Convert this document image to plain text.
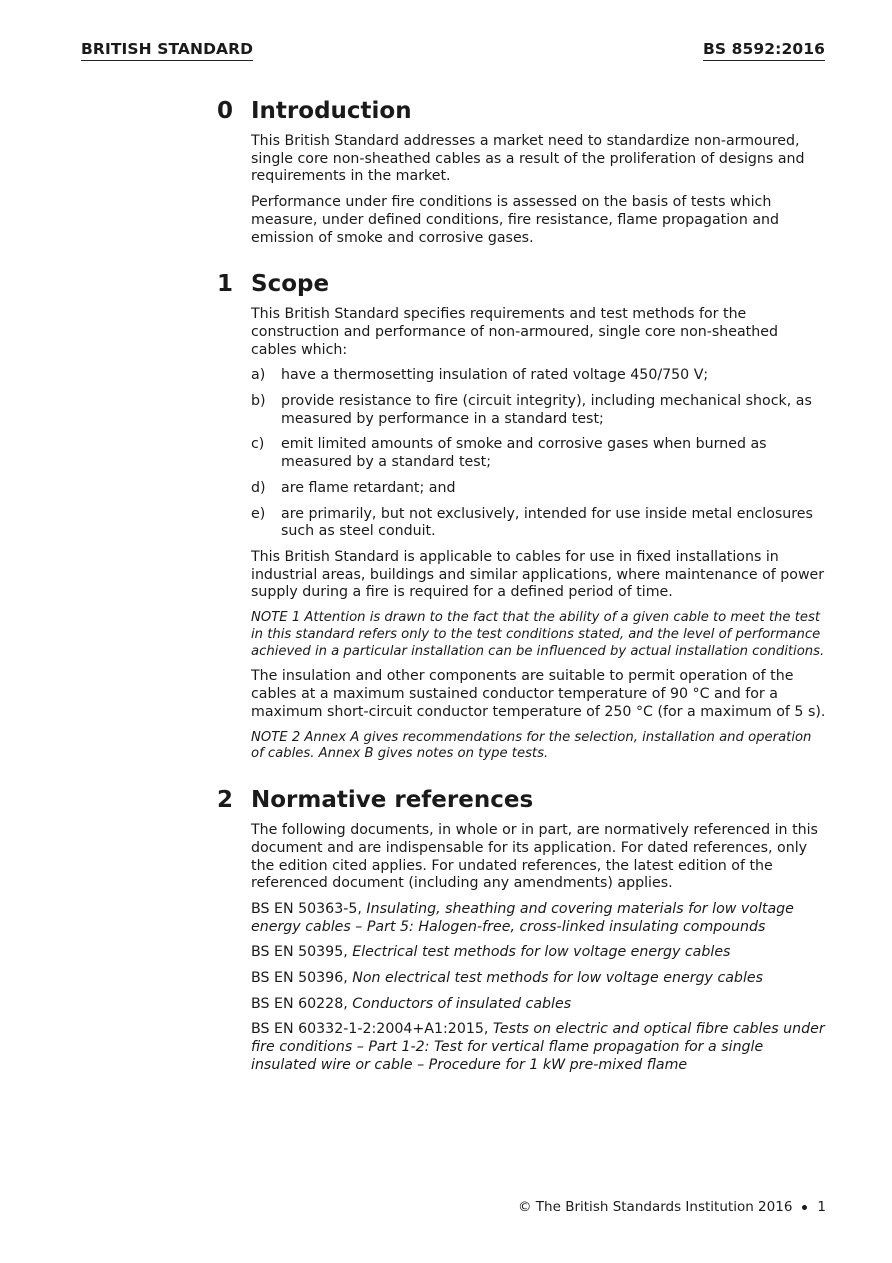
BRITISH STANDARD	BS 8592:2016
0 Introduction

This British Standard addresses a market need to standardize non-armoured, single core non-sheathed cables as a result of the proliferation of designs and requirements in the market.

Performance under fire conditions is assessed on the basis of tests which measure, under defined conditions, fire resistance, flame propagation and emission of smoke and corrosive gases.

1 Scope

This British Standard specifies requirements and test methods for the construction and performance of non-armoured, single core non-sheathed cables which:

a)	have a thermosetting insulation of rated voltage 450/750 V;
b)	provide resistance to fire (circuit integrity), including mechanical shock, as measured by performance in a standard test;
c)	emit limited amounts of smoke and corrosive gases when burned as measured by a standard test;
d)	are flame retardant; and
e)	are primarily, but not exclusively, intended for use inside metal enclosures such as steel conduit.

This British Standard is applicable to cables for use in fixed installations in industrial areas, buildings and similar applications, where maintenance of power supply during a fire is required for a defined period of time.

NOTE 1 Attention is drawn to the fact that the ability of a given cable to meet the test in this standard refers only to the test conditions stated, and the level of performance achieved in a particular installation can be influenced by actual installation conditions.

The insulation and other components are suitable to permit operation of the cables at a maximum sustained conductor temperature of 90 °C and for a maximum short-circuit conductor temperature of 250 °C (for a maximum of 5 s).

NOTE 2 Annex A gives recommendations for the selection, installation and operation of cables. Annex B gives notes on type tests.

2 Normative references

The following documents, in whole or in part, are normatively referenced in this document and are indispensable for its application. For dated references, only the edition cited applies. For undated references, the latest edition of the referenced document (including any amendments) applies.

BS EN 50363-5, Insulating, sheathing and covering materials for low voltage energy cables – Part 5: Halogen-free, cross-linked insulating compounds

BS EN 50395, Electrical test methods for low voltage energy cables

BS EN 50396, Non electrical test methods for low voltage energy cables

BS EN 60228, Conductors of insulated cables

BS EN 60332-1-2:2004+A1:2015, Tests on electric and optical fibre cables under fire conditions – Part 1-2: Test for vertical flame propagation for a single insulated wire or cable – Procedure for 1 kW pre-mixed flame

© The British Standards Institution 2016 1
